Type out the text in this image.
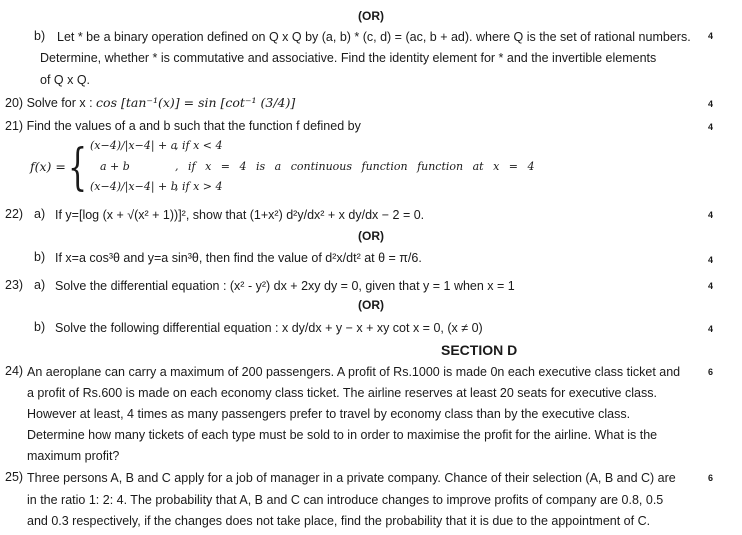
(OR)
b) Let * be a binary operation defined on Q x Q by (a, b) * (c, d) = (ac, b + ad). where Q is the set of rational numbers. 4
Determine, whether * is commutative and associative. Find the identity element for * and the invertible elements
of Q x Q.
20) Solve for x : cos [tan⁻¹(x)] = sin [cot⁻¹ (3/4)]	4
21) Find the values of a and b such that the function f defined by	4
f(x) = { (x−4)/|x−4| + a
, if x < 4
a + b	, if x = 4 is a continuous function function at x = 4
(x−4)/|x−4| + b
, if x > 4
22) a) If y=[log (x + √(x² + 1))]², show that (1+x²) d²y/dx² + x dy/dx − 2 = 0.	4
(OR)
b) If x=a cos³θ and y=a sin³θ, then find the value of d²x/dt² at θ = π/6.	4
23) a) Solve the differential equation : (x² - y²) dx + 2xy dy = 0, given that y = 1 when x = 1	4
(OR)
b) Solve the following differential equation : x dy/dx + y − x + xy cot x = 0, (x ≠ 0)	4
SECTION D
24) An aeroplane can carry a maximum of 200 passengers. A profit of Rs.1000 is made 0n each executive class ticket and	6
a profit of Rs.600 is made on each economy class ticket. The airline reserves at least 20 seats for executive class.
However at least, 4 times as many passengers prefer to travel by economy class than by the executive class.
Determine how many tickets of each type must be sold to in order to maximise the profit for the airline. What is the
maximum profit?
25) Three persons A, B and C apply for a job of manager in a private company. Chance of their selection (A, B and C) are	6
in the ratio 1: 2: 4. The probability that A, B and C can introduce changes to improve profits of company are 0.8, 0.5
and 0.3 respectively, if the changes does not take place, find the probability that it is due to the appointment of C.
